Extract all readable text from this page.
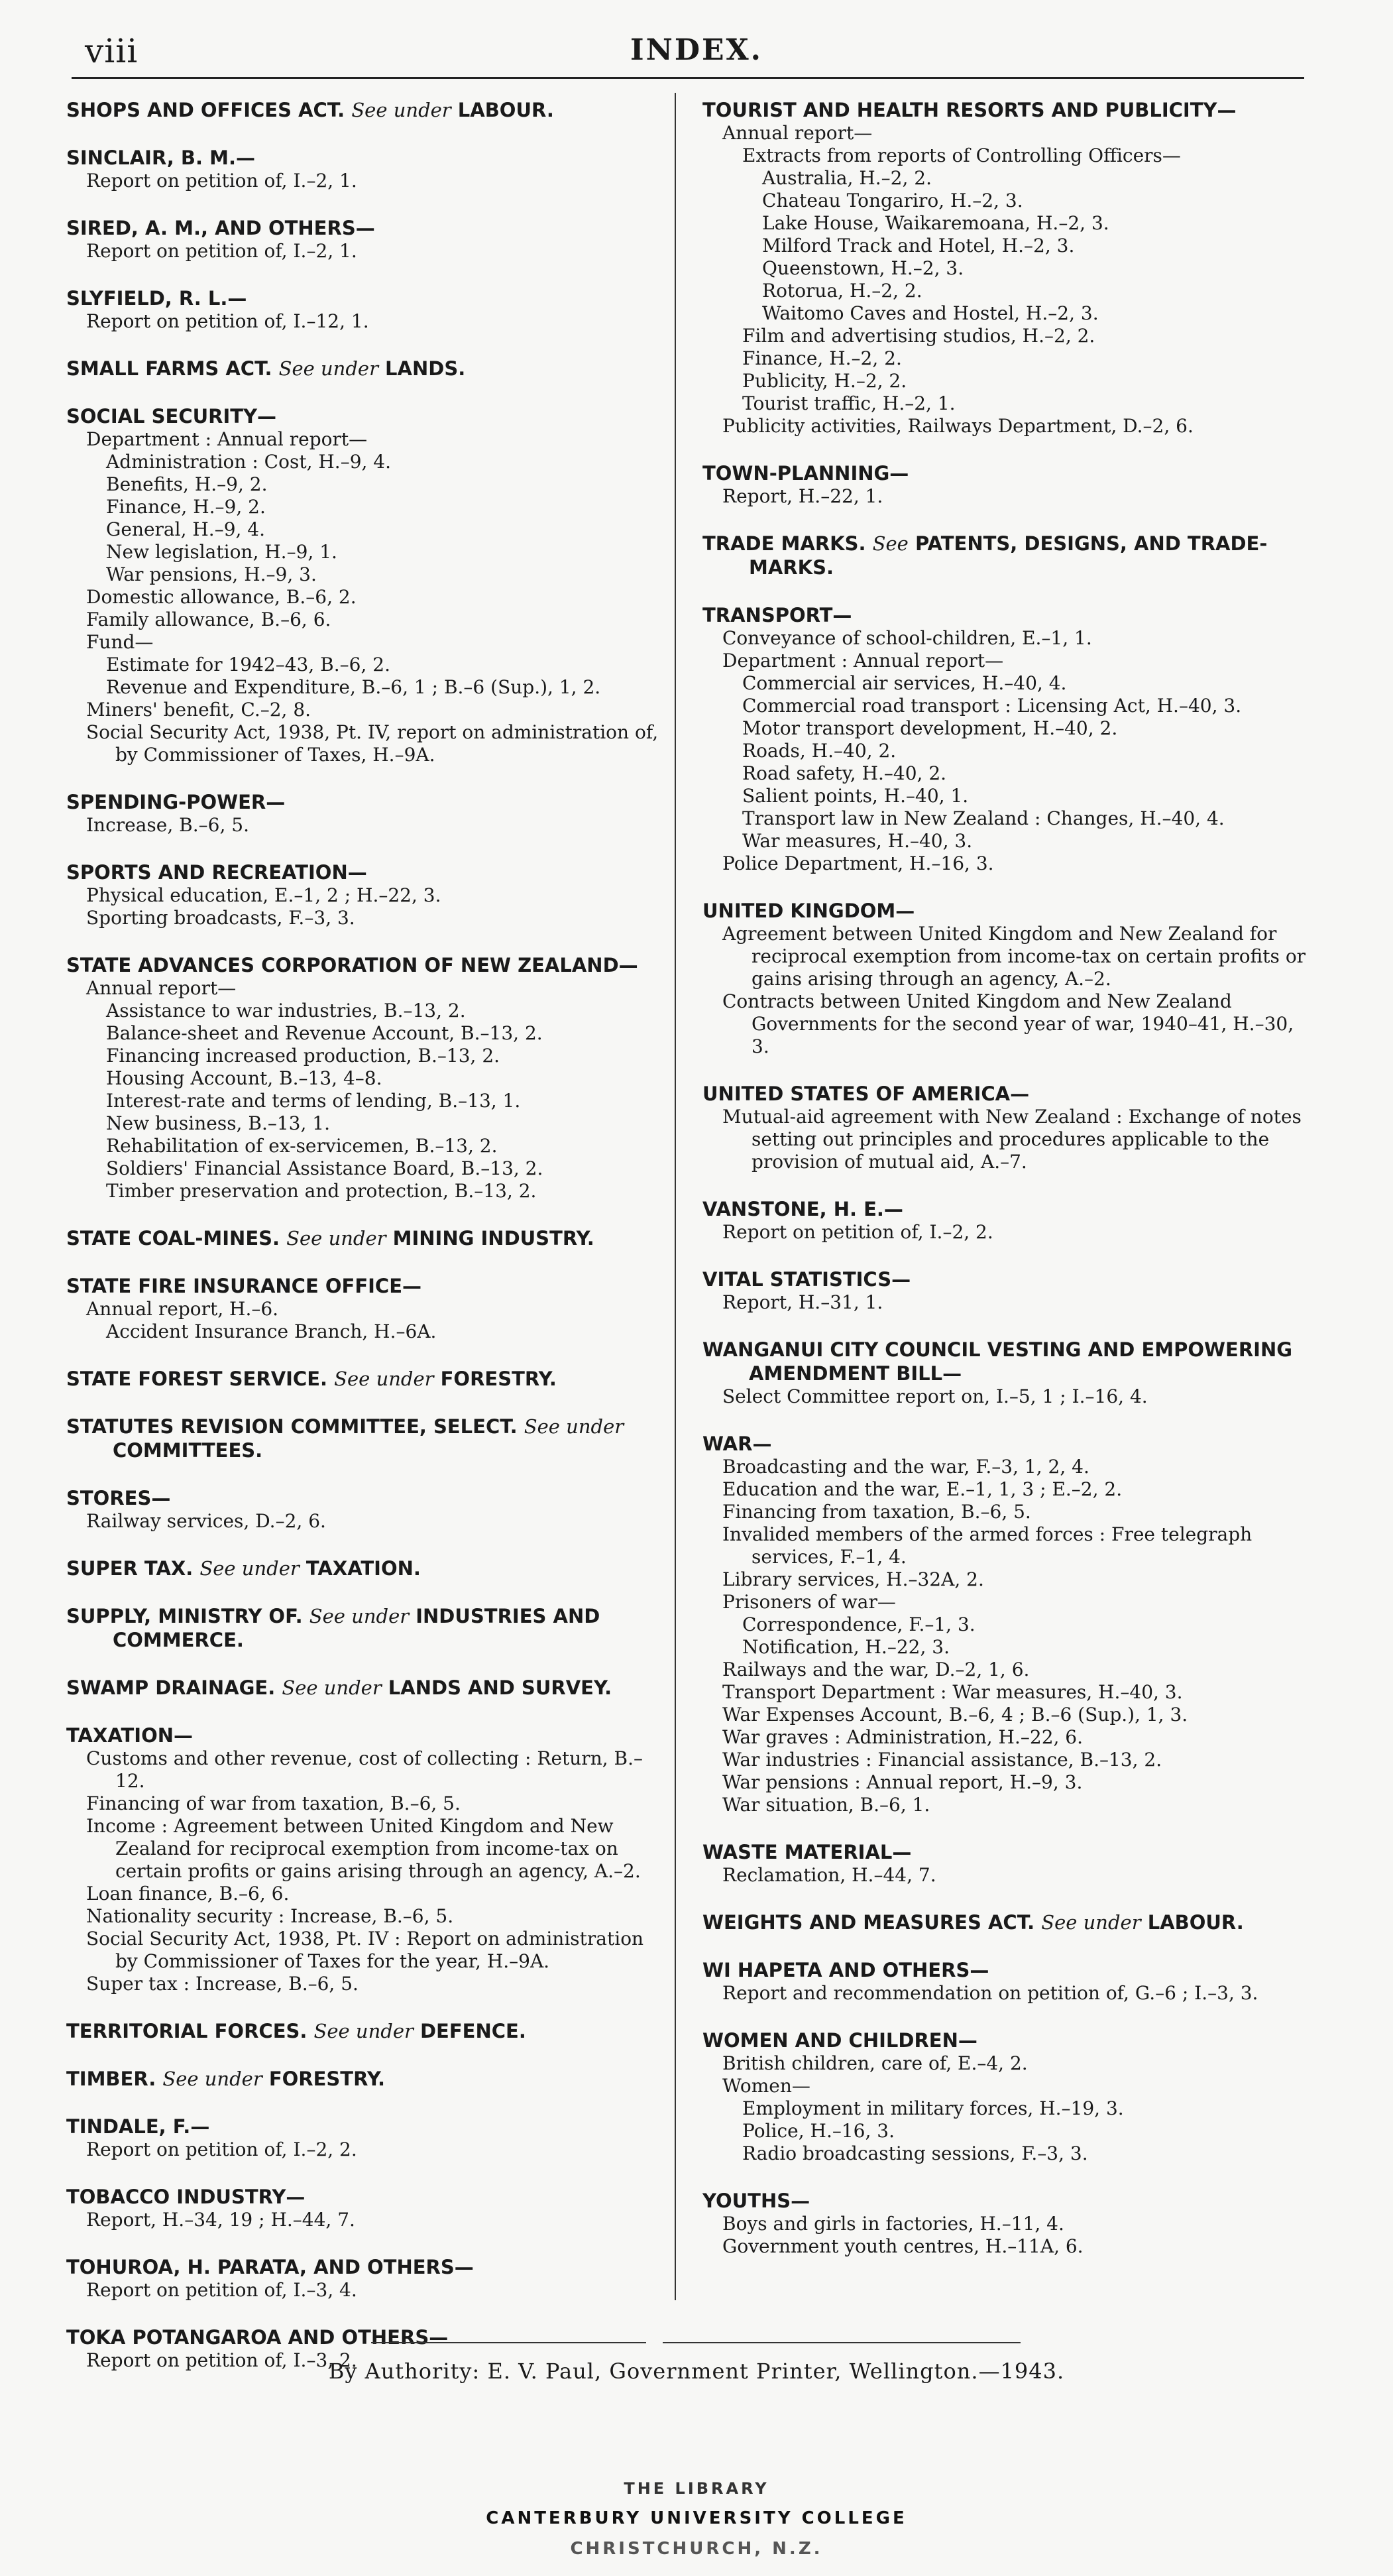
viii	INDEX.
SHOPS AND OFFICES ACT. See under LABOUR.
SINCLAIR, B. M.—
Report on petition of, I.–2, 1.
SIRED, A. M., AND OTHERS—
Report on petition of, I.–2, 1.
SLYFIELD, R. L.—
Report on petition of, I.–12, 1.
SMALL FARMS ACT. See under LANDS.
SOCIAL SECURITY—
Department : Annual report—
Administration : Cost, H.–9, 4.
Benefits, H.–9, 2.
Finance, H.–9, 2.
General, H.–9, 4.
New legislation, H.–9, 1.
War pensions, H.–9, 3.
Domestic allowance, B.–6, 2.
Family allowance, B.–6, 6.
Fund—
Estimate for 1942–43, B.–6, 2.
Revenue and Expenditure, B.–6, 1 ; B.–6 (Sup.), 1, 2.
Miners' benefit, C.–2, 8.
Social Security Act, 1938, Pt. IV, report on administration of, by Commissioner of Taxes, H.–9A.
SPENDING-POWER—
Increase, B.–6, 5.
SPORTS AND RECREATION—
Physical education, E.–1, 2 ; H.–22, 3.
Sporting broadcasts, F.–3, 3.
STATE ADVANCES CORPORATION OF NEW ZEALAND—
Annual report—
Assistance to war industries, B.–13, 2.
Balance-sheet and Revenue Account, B.–13, 2.
Financing increased production, B.–13, 2.
Housing Account, B.–13, 4–8.
Interest-rate and terms of lending, B.–13, 1.
New business, B.–13, 1.
Rehabilitation of ex-servicemen, B.–13, 2.
Soldiers' Financial Assistance Board, B.–13, 2.
Timber preservation and protection, B.–13, 2.
STATE COAL-MINES. See under MINING INDUSTRY.
STATE FIRE INSURANCE OFFICE—
Annual report, H.–6.
Accident Insurance Branch, H.–6A.
STATE FOREST SERVICE. See under FORESTRY.
STATUTES REVISION COMMITTEE, SELECT. See under COMMITTEES.
STORES—
Railway services, D.–2, 6.
SUPER TAX. See under TAXATION.
SUPPLY, MINISTRY OF. See under INDUSTRIES AND COMMERCE.
SWAMP DRAINAGE. See under LANDS AND SURVEY.
TAXATION—
Customs and other revenue, cost of collecting : Return, B.–12.
Financing of war from taxation, B.–6, 5.
Income : Agreement between United Kingdom and New Zealand for reciprocal exemption from income-tax on certain profits or gains arising through an agency, A.–2.
Loan finance, B.–6, 6.
Nationality security : Increase, B.–6, 5.
Social Security Act, 1938, Pt. IV : Report on administration by Commissioner of Taxes for the year, H.–9A.
Super tax : Increase, B.–6, 5.
TERRITORIAL FORCES. See under DEFENCE.
TIMBER. See under FORESTRY.
TINDALE, F.—
Report on petition of, I.–2, 2.
TOBACCO INDUSTRY—
Report, H.–34, 19 ; H.–44, 7.
TOHUROA, H. PARATA, AND OTHERS—
Report on petition of, I.–3, 4.
TOKA POTANGAROA AND OTHERS—
Report on petition of, I.–3, 2.
TOURIST AND HEALTH RESORTS AND PUBLICITY—
Annual report—
Extracts from reports of Controlling Officers—
Australia, H.–2, 2.
Chateau Tongariro, H.–2, 3.
Lake House, Waikaremoana, H.–2, 3.
Milford Track and Hotel, H.–2, 3.
Queenstown, H.–2, 3.
Rotorua, H.–2, 2.
Waitomo Caves and Hostel, H.–2, 3.
Film and advertising studios, H.–2, 2.
Finance, H.–2, 2.
Publicity, H.–2, 2.
Tourist traffic, H.–2, 1.
Publicity activities, Railways Department, D.–2, 6.
TOWN-PLANNING—
Report, H.–22, 1.
TRADE MARKS. See PATENTS, DESIGNS, AND TRADE-MARKS.
TRANSPORT—
Conveyance of school-children, E.–1, 1.
Department : Annual report—
Commercial air services, H.–40, 4.
Commercial road transport : Licensing Act, H.–40, 3.
Motor transport development, H.–40, 2.
Roads, H.–40, 2.
Road safety, H.–40, 2.
Salient points, H.–40, 1.
Transport law in New Zealand : Changes, H.–40, 4.
War measures, H.–40, 3.
Police Department, H.–16, 3.
UNITED KINGDOM—
Agreement between United Kingdom and New Zealand for reciprocal exemption from income-tax on certain profits or gains arising through an agency, A.–2.
Contracts between United Kingdom and New Zealand Governments for the second year of war, 1940–41, H.–30, 3.
UNITED STATES OF AMERICA—
Mutual-aid agreement with New Zealand : Exchange of notes setting out principles and procedures applicable to the provision of mutual aid, A.–7.
VANSTONE, H. E.—
Report on petition of, I.–2, 2.
VITAL STATISTICS—
Report, H.–31, 1.
WANGANUI CITY COUNCIL VESTING AND EMPOWERING AMENDMENT BILL—
Select Committee report on, I.–5, 1 ; I.–16, 4.
WAR—
Broadcasting and the war, F.–3, 1, 2, 4.
Education and the war, E.–1, 1, 3 ; E.–2, 2.
Financing from taxation, B.–6, 5.
Invalided members of the armed forces : Free telegraph services, F.–1, 4.
Library services, H.–32A, 2.
Prisoners of war—
Correspondence, F.–1, 3.
Notification, H.–22, 3.
Railways and the war, D.–2, 1, 6.
Transport Department : War measures, H.–40, 3.
War Expenses Account, B.–6, 4 ; B.–6 (Sup.), 1, 3.
War graves : Administration, H.–22, 6.
War industries : Financial assistance, B.–13, 2.
War pensions : Annual report, H.–9, 3.
War situation, B.–6, 1.
WASTE MATERIAL—
Reclamation, H.–44, 7.
WEIGHTS AND MEASURES ACT. See under LABOUR.
WI HAPETA AND OTHERS—
Report and recommendation on petition of, G.–6 ; I.–3, 3.
WOMEN AND CHILDREN—
British children, care of, E.–4, 2.
Women—
Employment in military forces, H.–19, 3.
Police, H.–16, 3.
Radio broadcasting sessions, F.–3, 3.
YOUTHS—
Boys and girls in factories, H.–11, 4.
Government youth centres, H.–11A, 6.
By Authority: E. V. Paul, Government Printer, Wellington.—1943.
THE LIBRARY
CANTERBURY UNIVERSITY COLLEGE
CHRISTCHURCH, N.Z.
